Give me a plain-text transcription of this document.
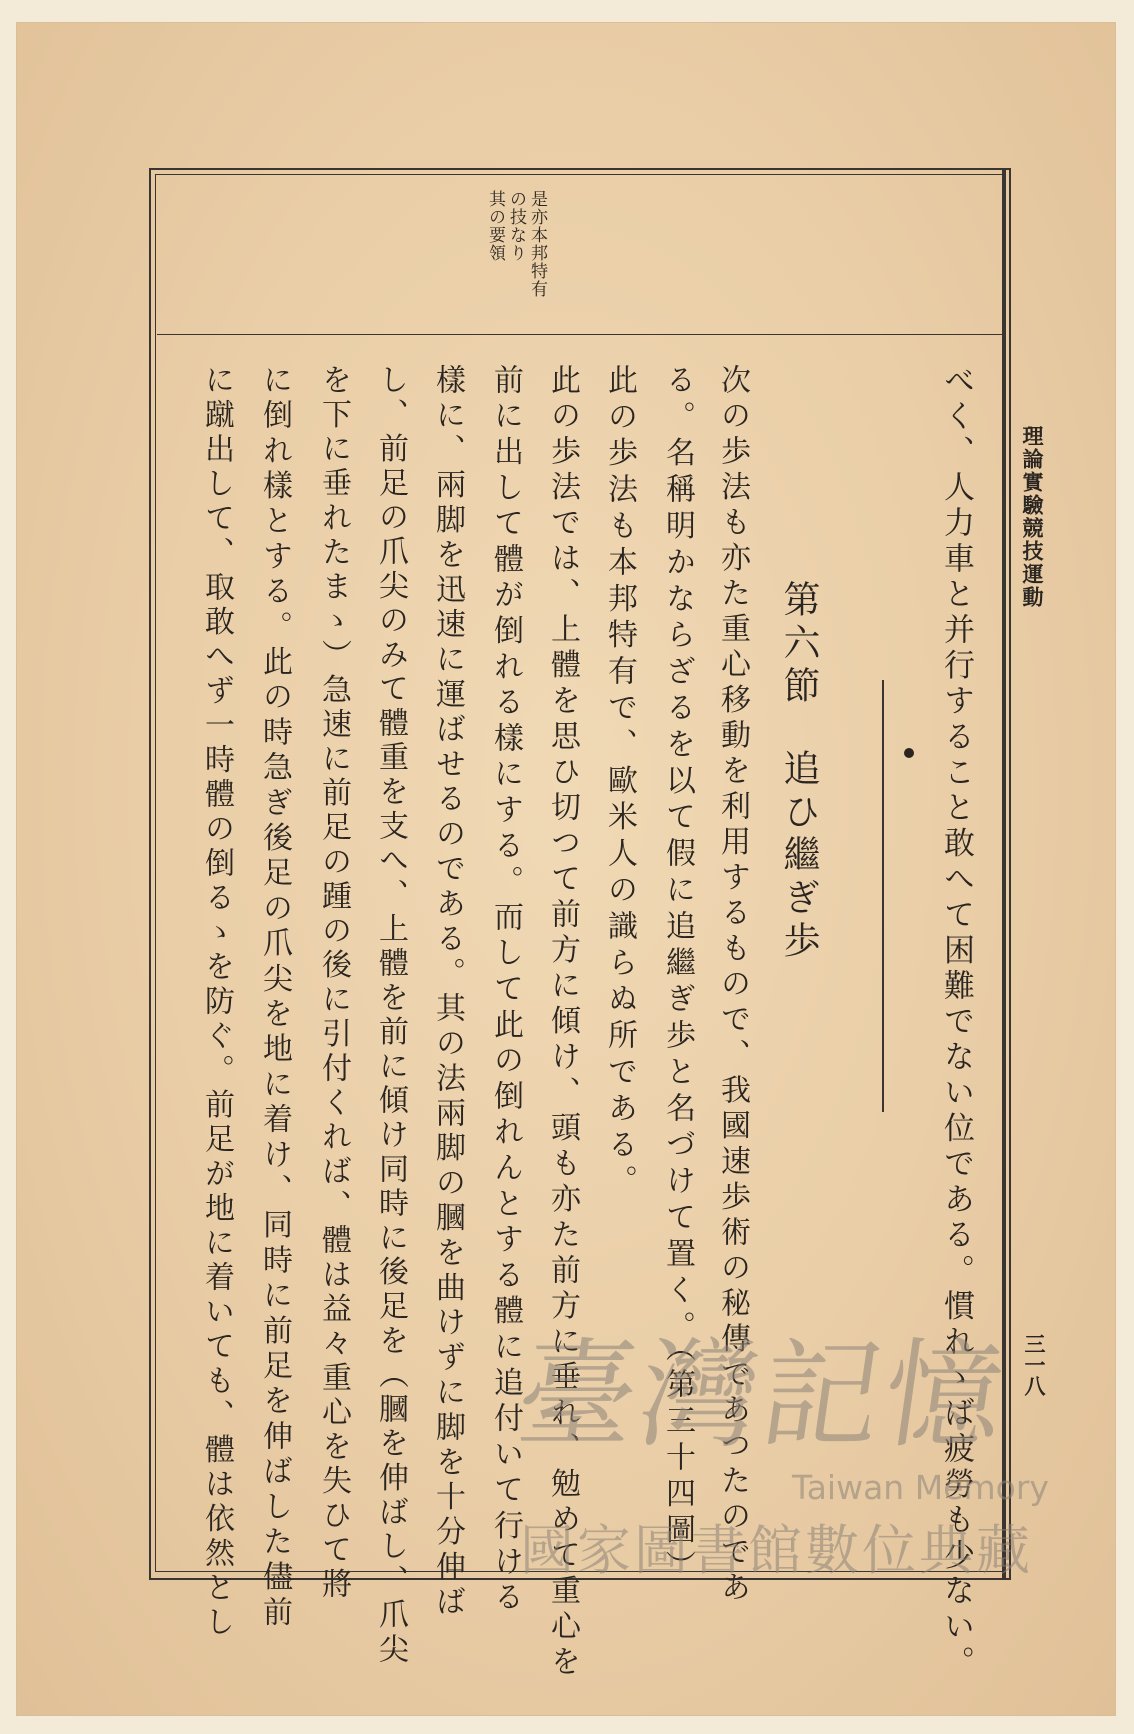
理論實驗競技運動
三一八
是亦本邦特有
の技なり
其の要領
べく、人力車と并行すること敢へて困難でない位である。慣れゝば疲勞も少ない。
第六節追ひ繼ぎ歩
次の歩法も亦た重心移動を利用するもので、我國速歩術の秘傳であつたのであ
る。名稱明かならざるを以て假に追繼ぎ歩と名づけて置く。（第三十四圖）
此の歩法も本邦特有で、歐米人の識らぬ所である。
此の歩法では、上體を思ひ切つて前方に傾け、頭も亦た前方に垂れ、勉めて重心を
前に出して體が倒れる樣にする。而して此の倒れんとする體に追付いて行ける
樣に、兩脚を迅速に運ばせるのである。其の法兩脚の膕を曲けずに脚を十分伸ば
し、前足の爪尖のみて體重を支へ、上體を前に傾け同時に後足を（膕を伸ばし、爪尖
を下に垂れたまゝ）急速に前足の踵の後に引付くれば、體は益々重心を失ひて將
に倒れ樣とする。此の時急ぎ後足の爪尖を地に着け、同時に前足を伸ばした儘前
に蹴出して、取敢へず一時體の倒るゝを防ぐ。前足が地に着いても、體は依然とし 臺灣記憶
Taiwan Memory
國家圖書館數位典藏
